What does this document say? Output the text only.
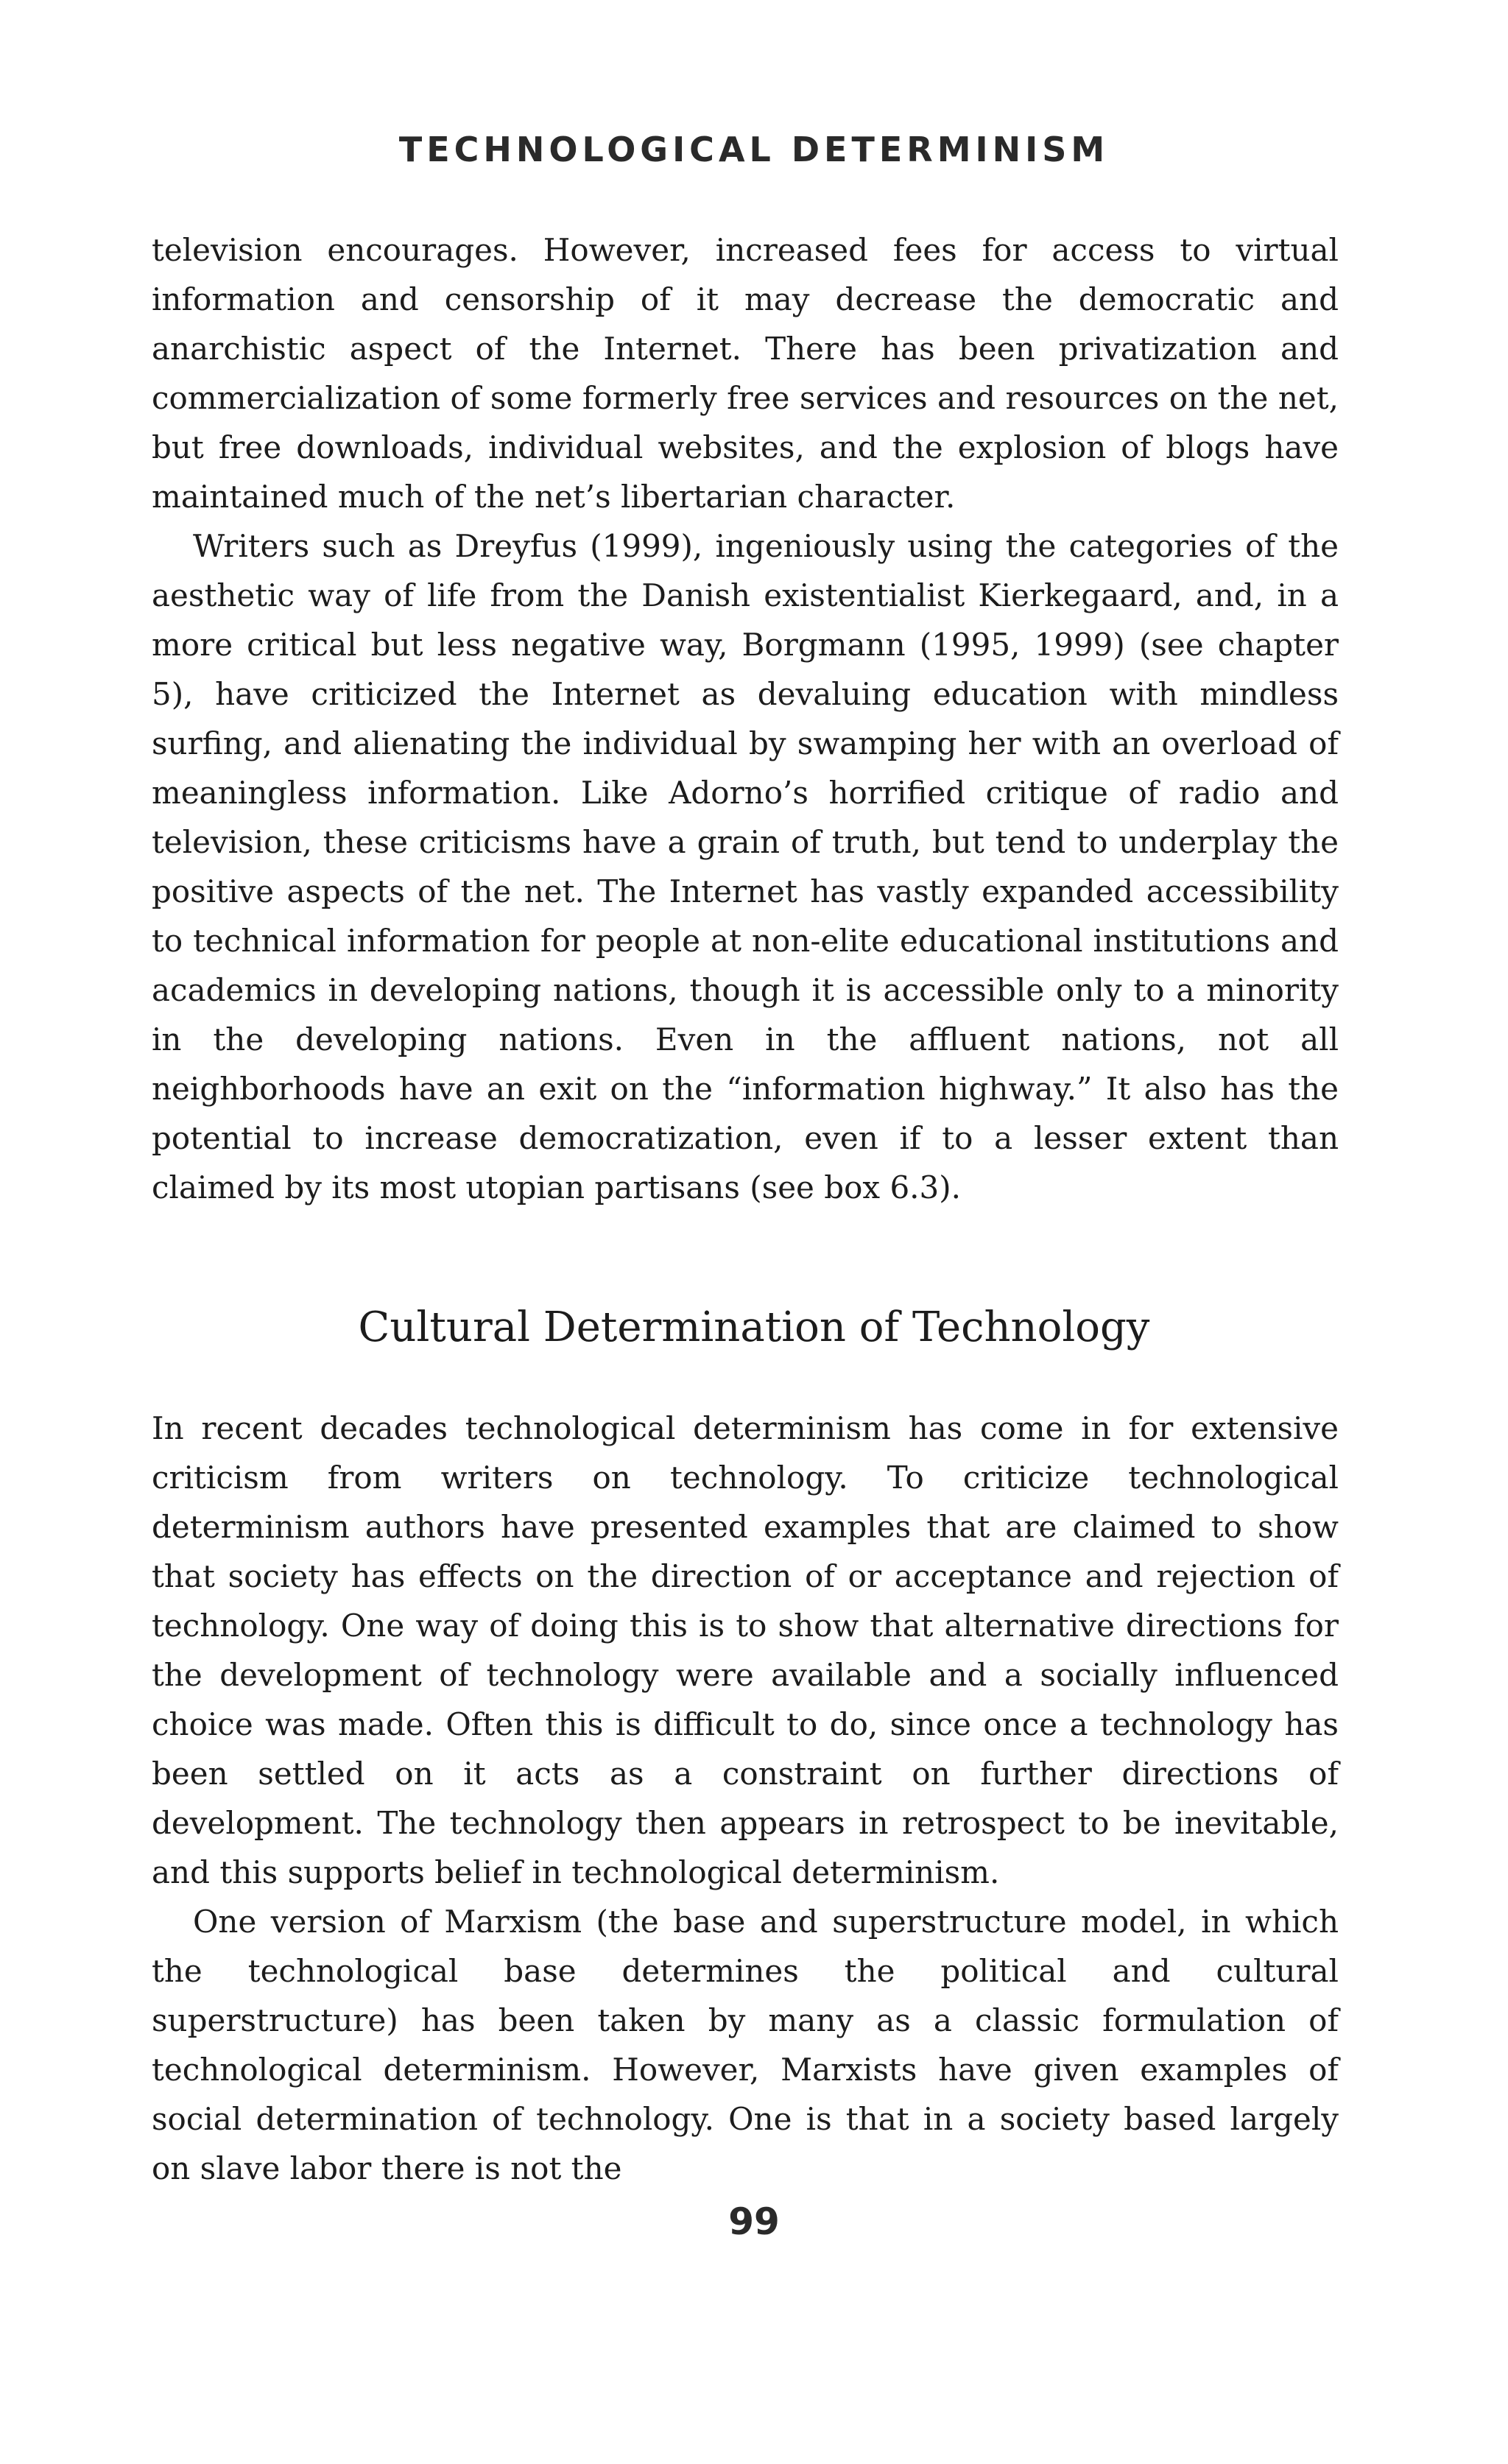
TECHNOLOGICAL DETERMINISM

television encourages. However, increased fees for access to virtual information and censorship of it may decrease the democratic and anarchistic aspect of the Internet. There has been privatization and commercialization of some formerly free services and resources on the net, but free downloads, individual websites, and the explosion of blogs have maintained much of the net’s libertarian character.

Writers such as Dreyfus (1999), ingeniously using the categories of the aesthetic way of life from the Danish existentialist Kierkegaard, and, in a more critical but less negative way, Borgmann (1995, 1999) (see chapter 5), have criticized the Internet as devaluing education with mindless surfing, and alienating the individual by swamping her with an overload of meaningless information. Like Adorno’s horrified critique of radio and television, these criticisms have a grain of truth, but tend to underplay the positive aspects of the net. The Internet has vastly expanded accessibility to technical information for people at non-elite educational institutions and academics in developing nations, though it is accessible only to a minority in the developing nations. Even in the affluent nations, not all neighborhoods have an exit on the “information highway.” It also has the potential to increase democratization, even if to a lesser extent than claimed by its most utopian partisans (see box 6.3).

Cultural Determination of Technology

In recent decades technological determinism has come in for extensive criticism from writers on technology. To criticize technological determinism authors have presented examples that are claimed to show that society has effects on the direction of or acceptance and rejection of technology. One way of doing this is to show that alternative directions for the development of technology were available and a socially influenced choice was made. Often this is difficult to do, since once a technology has been settled on it acts as a constraint on further directions of development. The technology then appears in retrospect to be inevitable, and this supports belief in technological determinism.

One version of Marxism (the base and superstructure model, in which the technological base determines the political and cultural superstructure) has been taken by many as a classic formulation of technological determinism. However, Marxists have given examples of social determination of technology. One is that in a society based largely on slave labor there is not the

99
